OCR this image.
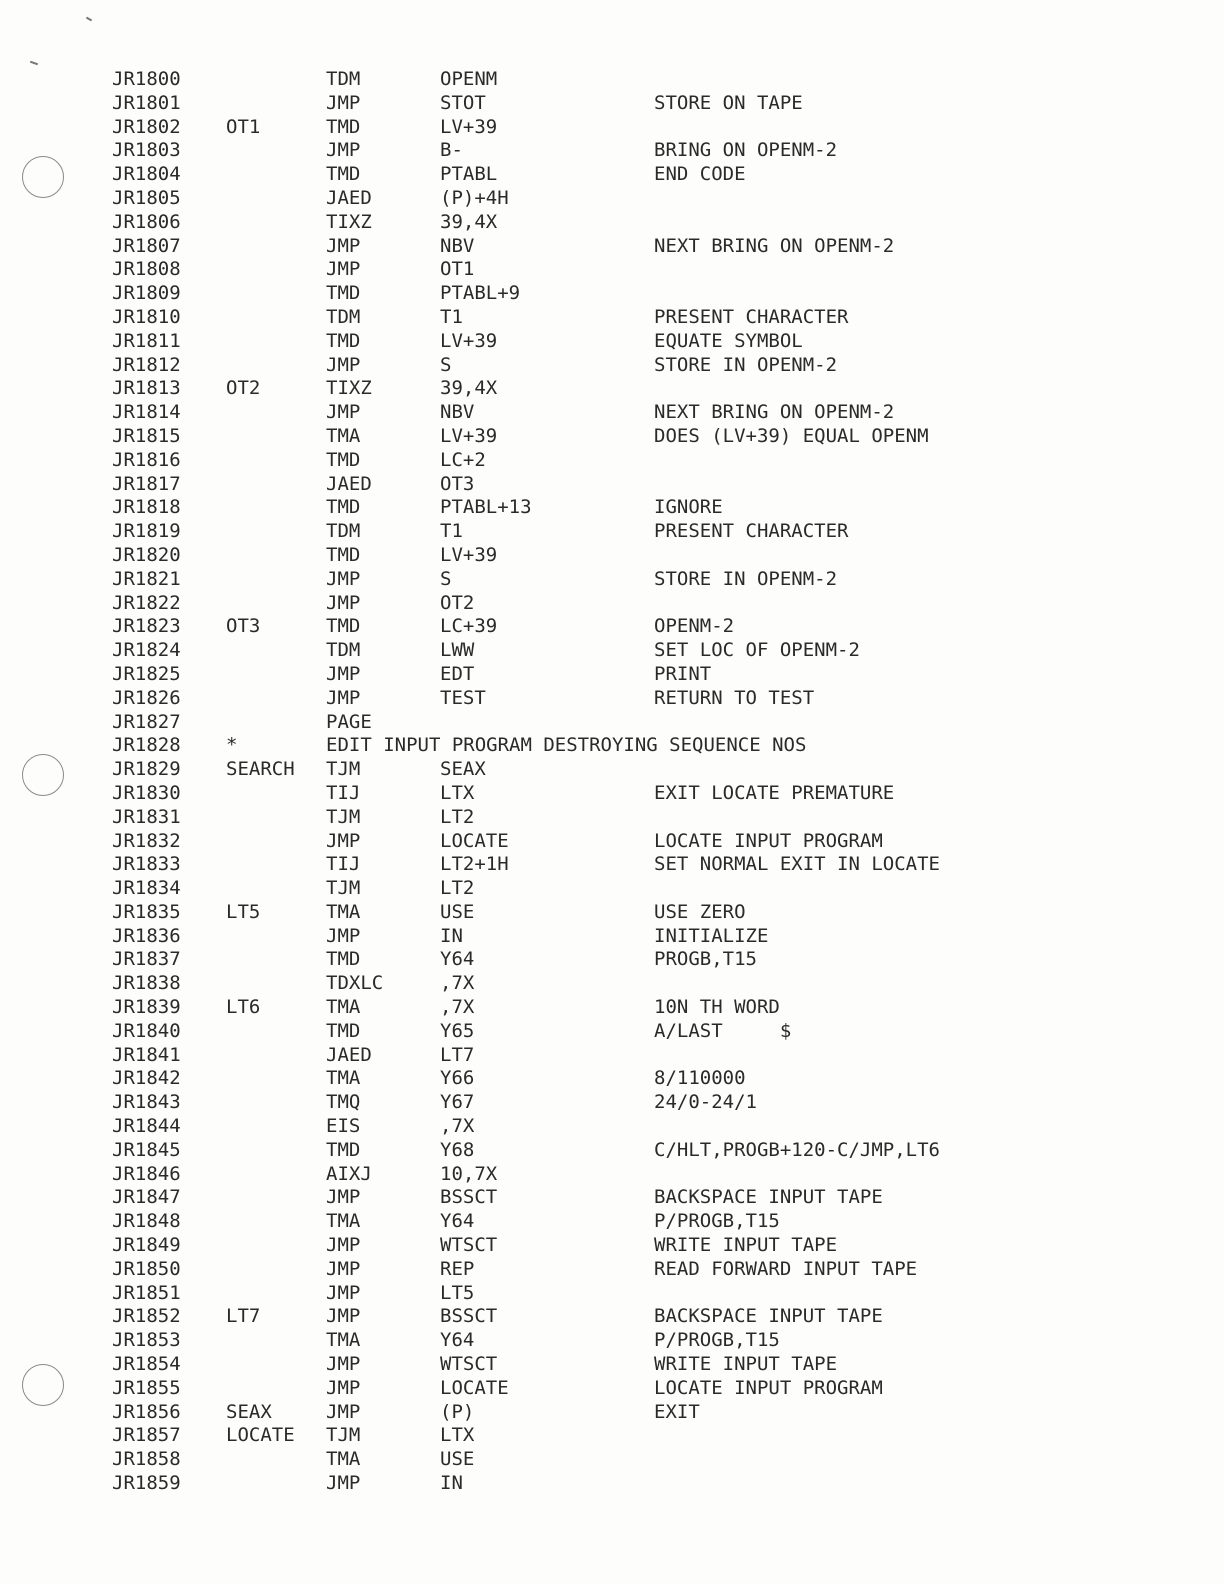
JR1800	TDM	OPENM
JR1801	JMP	STOT	STORE ON TAPE
JR1802 OT1	TMD	LV+39
JR1803	JMP	B-	BRING ON OPENM-2
JR1804	TMD	PTABL	END CODE
JR1805	JAED	(P)+4H
JR1806	TIXZ	39,4X
JR1807	JMP	NBV	NEXT BRING ON OPENM-2
JR1808	JMP	OT1
JR1809	TMD	PTABL+9
JR1810	TDM	T1	PRESENT CHARACTER
JR1811	TMD	LV+39	EQUATE SYMBOL
JR1812	JMP	S	STORE IN OPENM-2
JR1813 OT2	TIXZ	39,4X
JR1814	JMP	NBV	NEXT BRING ON OPENM-2
JR1815	TMA	LV+39	DOES (LV+39) EQUAL OPENM
JR1816	TMD	LC+2
JR1817	JAED	OT3
JR1818	TMD	PTABL+13	IGNORE
JR1819	TDM	T1	PRESENT CHARACTER
JR1820	TMD	LV+39
JR1821	JMP	S	STORE IN OPENM-2
JR1822	JMP	OT2
JR1823 OT3	TMD	LC+39	OPENM-2
JR1824	TDM	LWW	SET LOC OF OPENM-2
JR1825	JMP	EDT	PRINT
JR1826	JMP	TEST	RETURN TO TEST
JR1827	PAGE
JR1828 *	EDIT INPUT PROGRAM DESTROYING SEQUENCE NOS
JR1829 SEARCH TJM	SEAX
JR1830	TIJ	LTX	EXIT LOCATE PREMATURE
JR1831	TJM	LT2
JR1832	JMP	LOCATE	LOCATE INPUT PROGRAM
JR1833	TIJ	LT2+1H	SET NORMAL EXIT IN LOCATE
JR1834	TJM	LT2
JR1835 LT5	TMA	USE	USE ZERO
JR1836	JMP	IN	INITIALIZE
JR1837	TMD	Y64	PROGB,T15
JR1838	TDXLC	,7X
JR1839 LT6	TMA	,7X	10N TH WORD
JR1840	TMD	Y65	A/LAST     $
JR1841	JAED	LT7
JR1842	TMA	Y66	8/110000
JR1843	TMQ	Y67	24/0-24/1
JR1844	EIS	,7X
JR1845	TMD	Y68	C/HLT,PROGB+120-C/JMP,LT6
JR1846	AIXJ	10,7X
JR1847	JMP	BSSCT	BACKSPACE INPUT TAPE
JR1848	TMA	Y64	P/PROGB,T15
JR1849	JMP	WTSCT	WRITE INPUT TAPE
JR1850	JMP	REP	READ FORWARD INPUT TAPE
JR1851	JMP	LT5
JR1852 LT7	JMP	BSSCT	BACKSPACE INPUT TAPE
JR1853	TMA	Y64	P/PROGB,T15
JR1854	JMP	WTSCT	WRITE INPUT TAPE
JR1855	JMP	LOCATE	LOCATE INPUT PROGRAM
JR1856 SEAX	JMP	(P)	EXIT
JR1857 LOCATE TJM	LTX
JR1858	TMA	USE
JR1859	JMP	IN
